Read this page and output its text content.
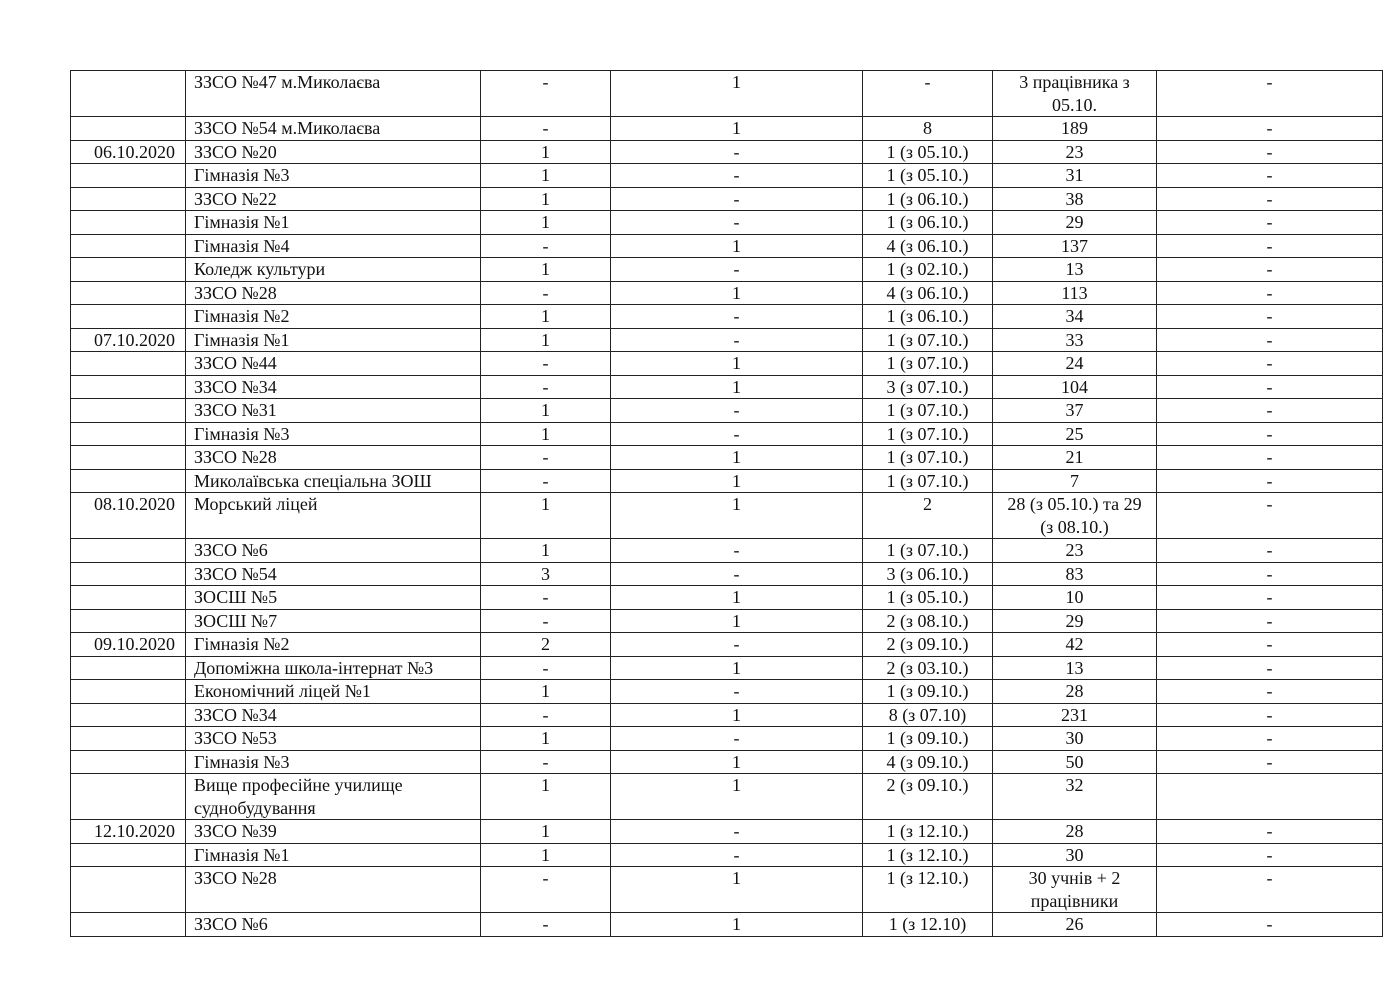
	ЗЗСО №47 м.Миколаєва	-	1	-	3 працівника з 05.10.	-
	ЗЗСО №54 м.Миколаєва	-	1	8	189	-
06.10.2020	ЗЗСО №20	1	-	1 (з 05.10.)	23	-
	Гімназія №3	1	-	1 (з 05.10.)	31	-
	ЗЗСО №22	1	-	1 (з 06.10.)	38	-
	Гімназія №1	1	-	1 (з 06.10.)	29	-
	Гімназія №4	-	1	4 (з 06.10.)	137	-
	Коледж культури	1	-	1 (з 02.10.)	13	-
	ЗЗСО №28	-	1	4 (з 06.10.)	113	-
	Гімназія №2	1	-	1 (з 06.10.)	34	-
07.10.2020	Гімназія №1	1	-	1 (з 07.10.)	33	-
	ЗЗСО №44	-	1	1 (з 07.10.)	24	-
	ЗЗСО №34	-	1	3 (з 07.10.)	104	-
	ЗЗСО №31	1	-	1 (з 07.10.)	37	-
	Гімназія №3	1	-	1 (з 07.10.)	25	-
	ЗЗСО №28	-	1	1 (з 07.10.)	21	-
	Миколаївська спеціальна ЗОШ	-	1	1 (з 07.10.)	7	-
08.10.2020	Морський ліцей	1	1	2	28 (з 05.10.) та 29 (з 08.10.)	-
	ЗЗСО №6	1	-	1 (з 07.10.)	23	-
	ЗЗСО №54	3	-	3 (з 06.10.)	83	-
	ЗОСШ №5	-	1	1 (з 05.10.)	10	-
	ЗОСШ №7	-	1	2 (з 08.10.)	29	-
09.10.2020	Гімназія №2	2	-	2 (з 09.10.)	42	-
	Допоміжна школа-інтернат №3	-	1	2 (з 03.10.)	13	-
	Економічний ліцей №1	1	-	1 (з 09.10.)	28	-
	ЗЗСО №34	-	1	8 (з 07.10)	231	-
	ЗЗСО №53	1	-	1 (з 09.10.)	30	-
	Гімназія №3	-	1	4 (з 09.10.)	50	-
	Вище професійне училище суднобудування	1	1	2 (з 09.10.)	32	
12.10.2020	ЗЗСО №39	1	-	1 (з 12.10.)	28	-
	Гімназія №1	1	-	1 (з 12.10.)	30	-
	ЗЗСО №28	-	1	1 (з 12.10.)	30 учнів + 2 працівники	-
	ЗЗСО №6	-	1	1 (з 12.10)	26	-
